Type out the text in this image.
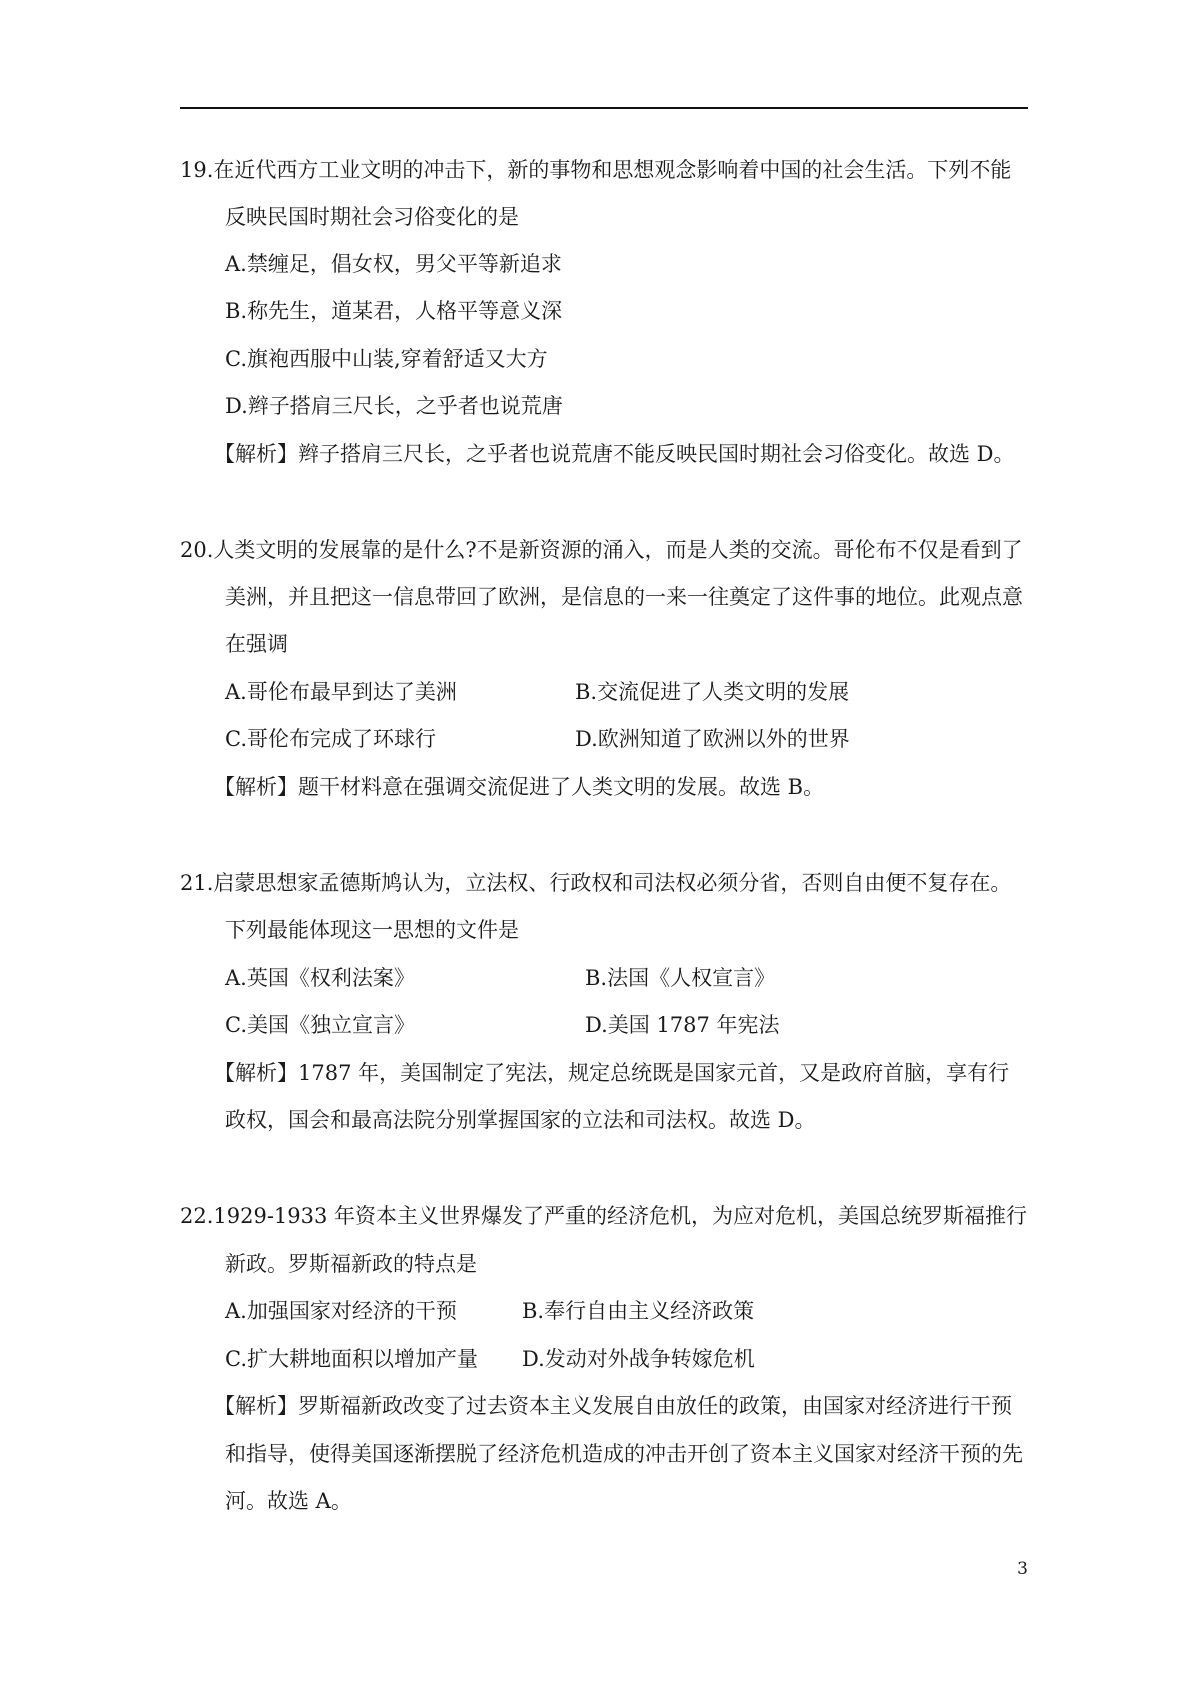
19.在近代西方工业文明的冲击下，新的事物和思想观念影响着中国的社会生活。下列不能
反映民国时期社会习俗变化的是
A.禁缠足，倡女权，男父平等新追求
B.称先生，道某君，人格平等意义深
C.旗袍西服中山装,穿着舒适又大方
D.辫子搭肩三尺长，之乎者也说荒唐
【解析】辫子搭肩三尺长，之乎者也说荒唐不能反映民国时期社会习俗变化。故选 D。
20.人类文明的发展靠的是什么?不是新资源的涌入，而是人类的交流。哥伦布不仅是看到了
美洲，并且把这一信息带回了欧洲，是信息的一来一往奠定了这件事的地位。此观点意
在强调
A.哥伦布最早到达了美洲	B.交流促进了人类文明的发展
C.哥伦布完成了环球行	D.欧洲知道了欧洲以外的世界
【解析】题干材料意在强调交流促进了人类文明的发展。故选 B。
21.启蒙思想家孟德斯鸠认为，立法权、行政权和司法权必须分省，否则自由便不复存在。
下列最能体现这一思想的文件是
A.英国《权利法案》	B.法国《人权宣言》
C.美国《独立宣言》	D.美国 1787 年宪法
【解析】1787 年，美国制定了宪法，规定总统既是国家元首，又是政府首脑，享有行
政权，国会和最高法院分别掌握国家的立法和司法权。故选 D。
22.1929-1933 年资本主义世界爆发了严重的经济危机，为应对危机，美国总统罗斯福推行
新政。罗斯福新政的特点是
A.加强国家对经济的干预	B.奉行自由主义经济政策
C.扩大耕地面积以增加产量 D.发动对外战争转嫁危机
【解析】罗斯福新政改变了过去资本主义发展自由放任的政策，由国家对经济进行干预
和指导，使得美国逐渐摆脱了经济危机造成的冲击开创了资本主义国家对经济干预的先
河。故选 A。
3
